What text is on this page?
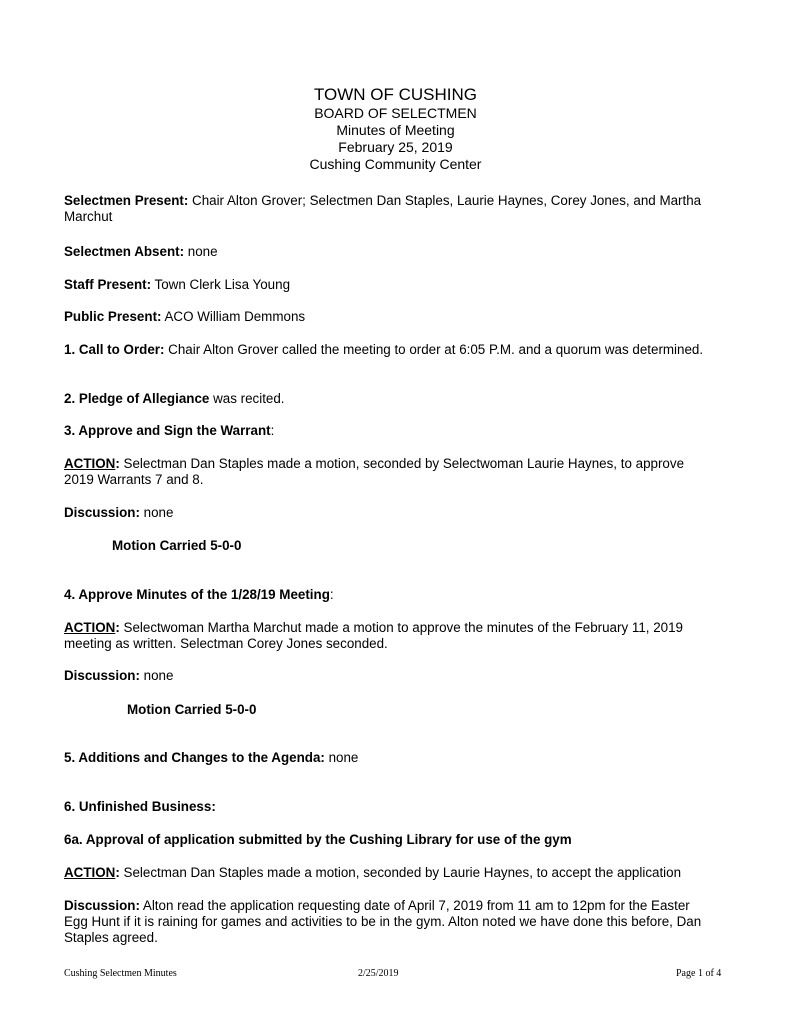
TOWN OF CUSHING
BOARD OF SELECTMEN
Minutes of Meeting
February 25, 2019
Cushing Community Center
Selectmen Present: Chair Alton Grover; Selectmen Dan Staples, Laurie Haynes, Corey Jones, and Martha Marchut
Selectmen Absent: none
Staff Present: Town Clerk Lisa Young
Public Present: ACO William Demmons
1. Call to Order: Chair Alton Grover called the meeting to order at 6:05 P.M. and a quorum was determined.
2. Pledge of Allegiance was recited.
3. Approve and Sign the Warrant:
ACTION: Selectman Dan Staples made a motion, seconded by Selectwoman Laurie Haynes, to approve 2019 Warrants 7 and 8.
Discussion: none
Motion Carried 5-0-0
4. Approve Minutes of the 1/28/19 Meeting:
ACTION: Selectwoman Martha Marchut made a motion to approve the minutes of the February 11, 2019 meeting as written. Selectman Corey Jones seconded.
Discussion: none
Motion Carried 5-0-0
5. Additions and Changes to the Agenda: none
6. Unfinished Business:
6a. Approval of application submitted by the Cushing Library for use of the gym
ACTION: Selectman Dan Staples made a motion, seconded by Laurie Haynes, to accept the application
Discussion: Alton read the application requesting date of April 7, 2019 from 11 am to 12pm for the Easter Egg Hunt if it is raining for games and activities to be in the gym. Alton noted we have done this before, Dan Staples agreed.
Cushing Selectmen Minutes	2/25/2019	Page 1 of 4
